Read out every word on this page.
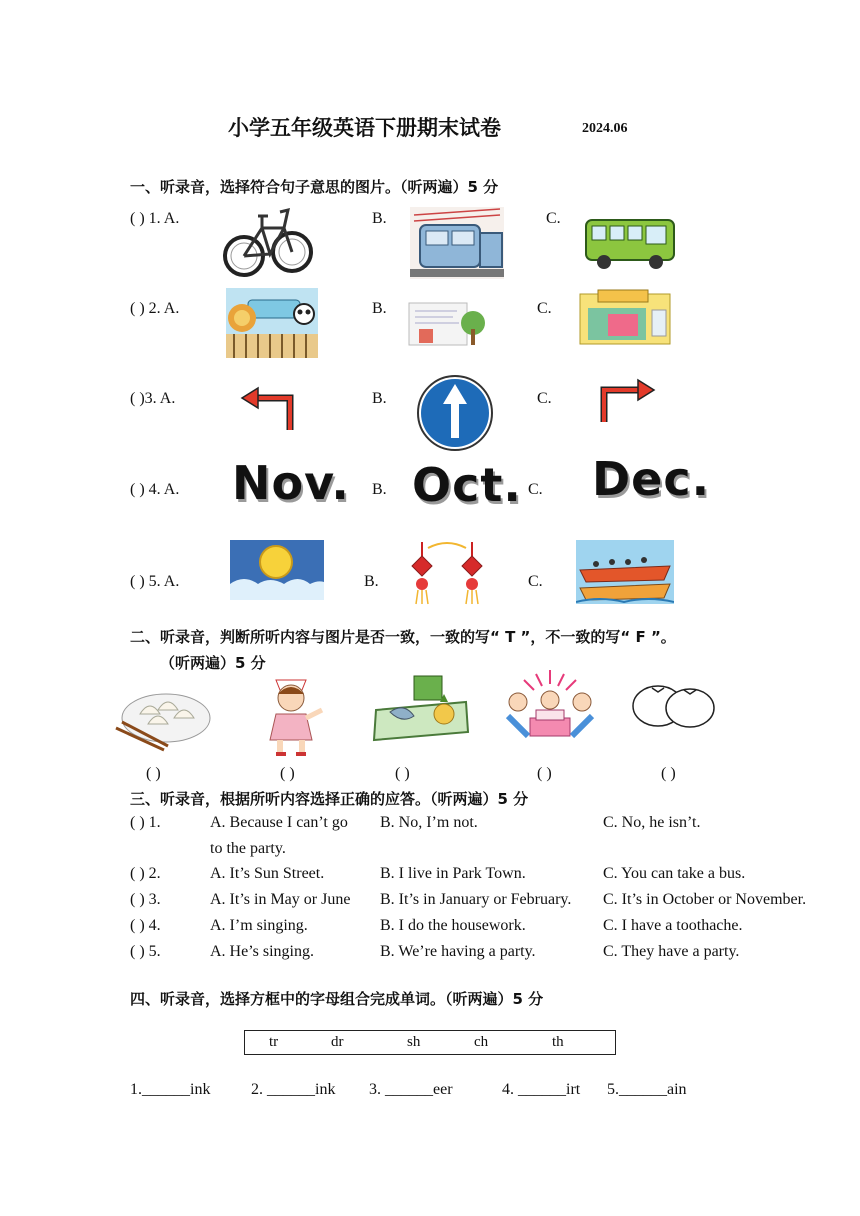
小学五年级英语下册期末试卷	2024.06
一、听录音，选择符合句子意思的图片。（听两遍）5 分
( ) 1. A.	B.	C.
( ) 2. A.	B.	C.
( )3. A.	B.	C.
( ) 4. A.	B.	C.
Nov. Oct. Dec.
( ) 5. A.	B.	C.
二、听录音，判断所听内容与图片是否一致，一致的写“ T ”，不一致的写“ F ”。
（听两遍）5 分
( )	( )	( )	( )	( )
三、听录音，根据所听内容选择正确的应答。（听两遍）5 分
( ) 1.	A. Because I can’t go
to the party.
B. No, I’m not.	C. No, he isn’t.
( ) 2.	A. It’s Sun Street.	B. I live in Park Town.	C. You can take a bus.
( ) 3.	A. It’s in May or June B. It’s in January or February. C. It’s in October or November.
( ) 4.	A. I’m singing.	B. I do the housework.	C. I have a toothache.
( ) 5.	A. He’s singing.	B. We’re having a party.	C. They have a party.
四、听录音，选择方框中的字母组合完成单词。（听两遍）5 分
tr	dr	sh	ch	th
1.______ink	2. ______ink 3. ______eer	4. ______irt 5.______ain
